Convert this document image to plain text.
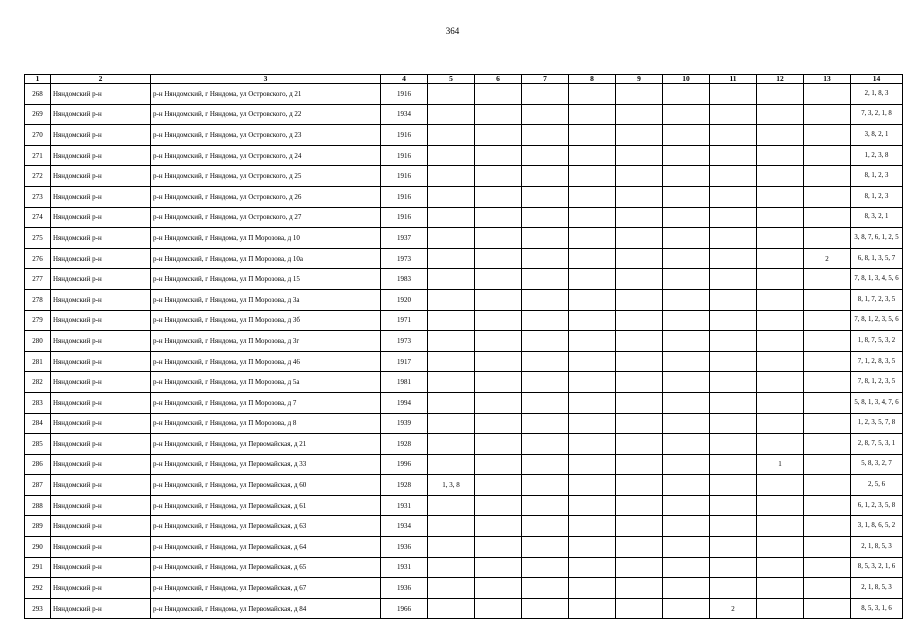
364
1	2	3	4	5	6	7	8	9	10	11	12	13	14
268	Няндомский р-н	р-н Няндомский, г Няндома, ул Островского, д 21	1916										2, 1, 8, 3
269	Няндомский р-н	р-н Няндомский, г Няндома, ул Островского, д 22	1934										7, 3, 2, 1, 8
270	Няндомский р-н	р-н Няндомский, г Няндома, ул Островского, д 23	1916										3, 8, 2, 1
271	Няндомский р-н	р-н Няндомский, г Няндома, ул Островского, д 24	1916										1, 2, 3, 8
272	Няндомский р-н	р-н Няндомский, г Няндома, ул Островского, д 25	1916										8, 1, 2, 3
273	Няндомский р-н	р-н Няндомский, г Няндома, ул Островского, д 26	1916										8, 1, 2, 3
274	Няндомский р-н	р-н Няндомский, г Няндома, ул Островского, д 27	1916										8, 3, 2, 1
275	Няндомский р-н	р-н Няндомский, г Няндома, ул П Морозова, д 10	1937										3, 8, 7, 6, 1, 2, 5
276	Няндомский р-н	р-н Няндомский, г Няндома, ул П Морозова, д 10а	1973									2	6, 8, 1, 3, 5, 7
277	Няндомский р-н	р-н Няндомский, г Няндома, ул П Морозова, д 15	1983										7, 8, 1, 3, 4, 5, 6
278	Няндомский р-н	р-н Няндомский, г Няндома, ул П Морозова, д 3а	1920										8, 1, 7, 2, 3, 5
279	Няндомский р-н	р-н Няндомский, г Няндома, ул П Морозова, д 3б	1971										7, 8, 1, 2, 3, 5, 6
280	Няндомский р-н	р-н Няндомский, г Няндома, ул П Морозова, д 3г	1973										1, 8, 7, 5, 3, 2
281	Няндомский р-н	р-н Няндомский, г Няндома, ул П Морозова, д 46	1917										7, 1, 2, 8, 3, 5
282	Няндомский р-н	р-н Няндомский, г Няндома, ул П Морозова, д 5а	1981										7, 8, 1, 2, 3, 5
283	Няндомский р-н	р-н Няндомский, г Няндома, ул П Морозова, д 7	1994										5, 8, 1, 3, 4, 7, 6
284	Няндомский р-н	р-н Няндомский, г Няндома, ул П Морозова, д 8	1939										1, 2, 3, 5, 7, 8
285	Няндомский р-н	р-н Няндомский, г Няндома, ул Первомайская, д 21	1928										2, 8, 7, 5, 3, 1
286	Няндомский р-н	р-н Няндомский, г Няндома, ул Первомайская, д 33	1996								1		5, 8, 3, 2, 7
287	Няндомский р-н	р-н Няндомский, г Няндома, ул Первомайская, д 60	1928	1, 3, 8									2, 5, 6
288	Няндомский р-н	р-н Няндомский, г Няндома, ул Первомайская, д 61	1931										6, 1, 2, 3, 5, 8
289	Няндомский р-н	р-н Няндомский, г Няндома, ул Первомайская, д 63	1934										3, 1, 8, 6, 5, 2
290	Няндомский р-н	р-н Няндомский, г Няндома, ул Первомайская, д 64	1936										2, 1, 8, 5, 3
291	Няндомский р-н	р-н Няндомский, г Няндома, ул Первомайская, д 65	1931										8, 5, 3, 2, 1, 6
292	Няндомский р-н	р-н Няндомский, г Няндома, ул Первомайская, д 67	1936										2, 1, 8, 5, 3
293	Няндомский р-н	р-н Няндомский, г Няндома, ул Первомайская, д 84	1966							2			8, 5, 3, 1, 6
